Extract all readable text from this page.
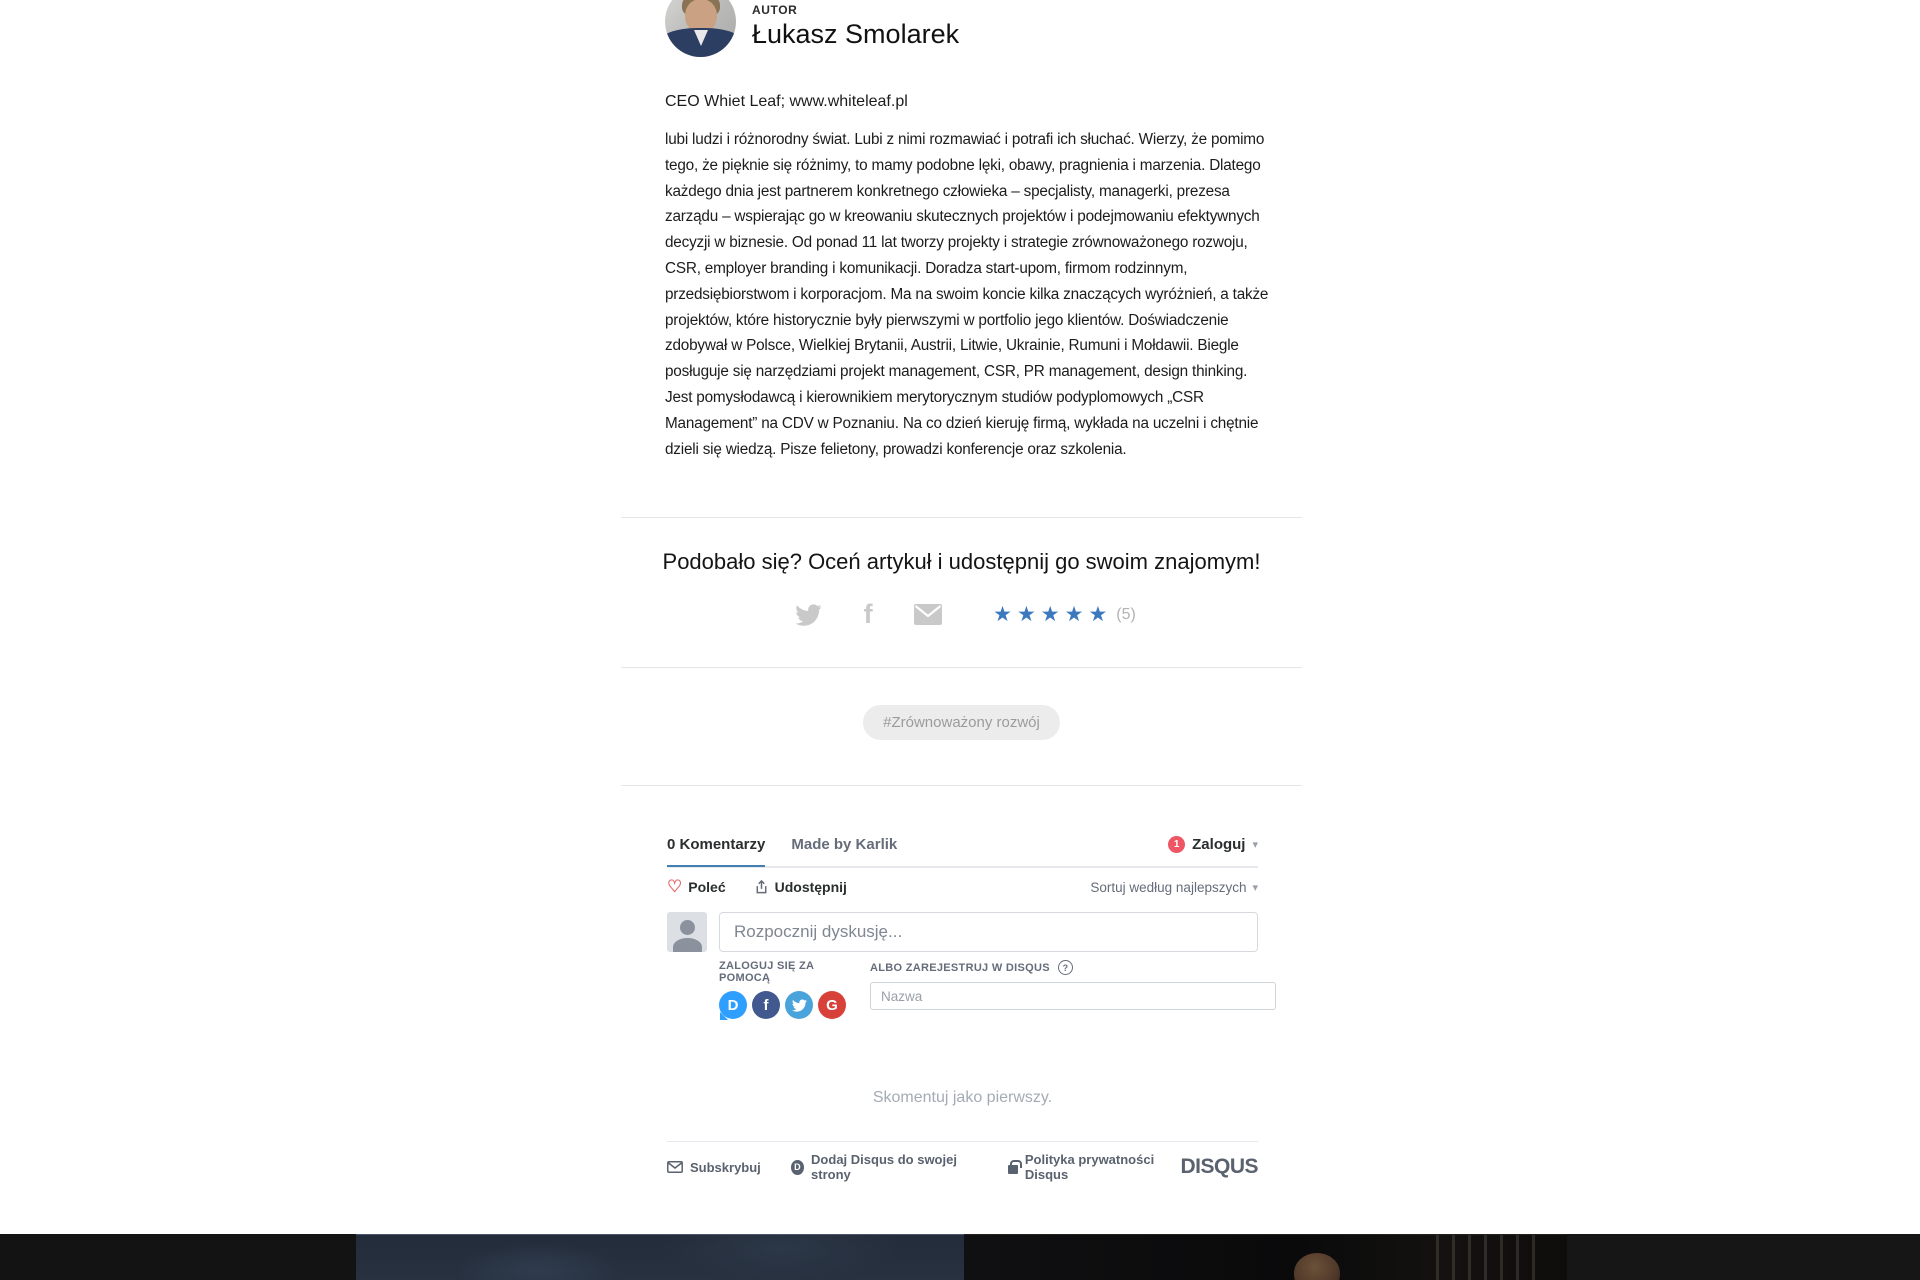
AUTOR
Łukasz Smolarek
CEO Whiet Leaf; www.whiteleaf.pl
lubi ludzi i różnorodny świat. Lubi z nimi rozmawiać i potrafi ich słuchać. Wierzy, że pomimo tego, że pięknie się różnimy, to mamy podobne lęki, obawy, pragnienia i marzenia. Dlatego każdego dnia jest partnerem konkretnego człowieka – specjalisty, managerki, prezesa zarządu – wspierając go w kreowaniu skutecznych projektów i podejmowaniu efektywnych decyzji w biznesie. Od ponad 11 lat tworzy projekty i strategie zrównoważonego rozwoju, CSR, employer branding i komunikacji. Doradza start-upom, firmom rodzinnym, przedsiębiorstwom i korporacjom. Ma na swoim koncie kilka znaczących wyróżnień, a także projektów, które historycznie były pierwszymi w portfolio jego klientów. Doświadczenie zdobywał w Polsce, Wielkiej Brytanii, Austrii, Litwie, Ukrainie, Rumuni i Mołdawii. Biegle posługuje się narzędziami projekt management, CSR, PR management, design thinking. Jest pomysłodawcą i kierownikiem merytorycznym studiów podyplomowych „CSR Management” na CDV w Poznaniu. Na co dzień kieruję firmą, wykłada na uczelni i chętnie dzieli się wiedzą. Pisze felietony, prowadzi konferencje oraz szkolenia.
Podobało się? Oceń artykuł i udostępnij go swoim znajomym!
f	★ ★ ★ ★ ★ (5)
#Zrównoważony rozwój
0 Komentarzy Made by Karlik	1 Zaloguj ▾
♡ Poleć	Udostępnij	Sortuj według najlepszych ▾
Rozpocznij dyskusję...
ZALOGUJ SIĘ ZA POMOCĄ
D f	G
ALBO ZAREJESTRUJ W DISQUS	?
Nazwa
Skomentuj jako pierwszy.
Subskrybuj	D Dodaj Disqus do swojej strony
Polityka prywatności Disqus	DISQUS
